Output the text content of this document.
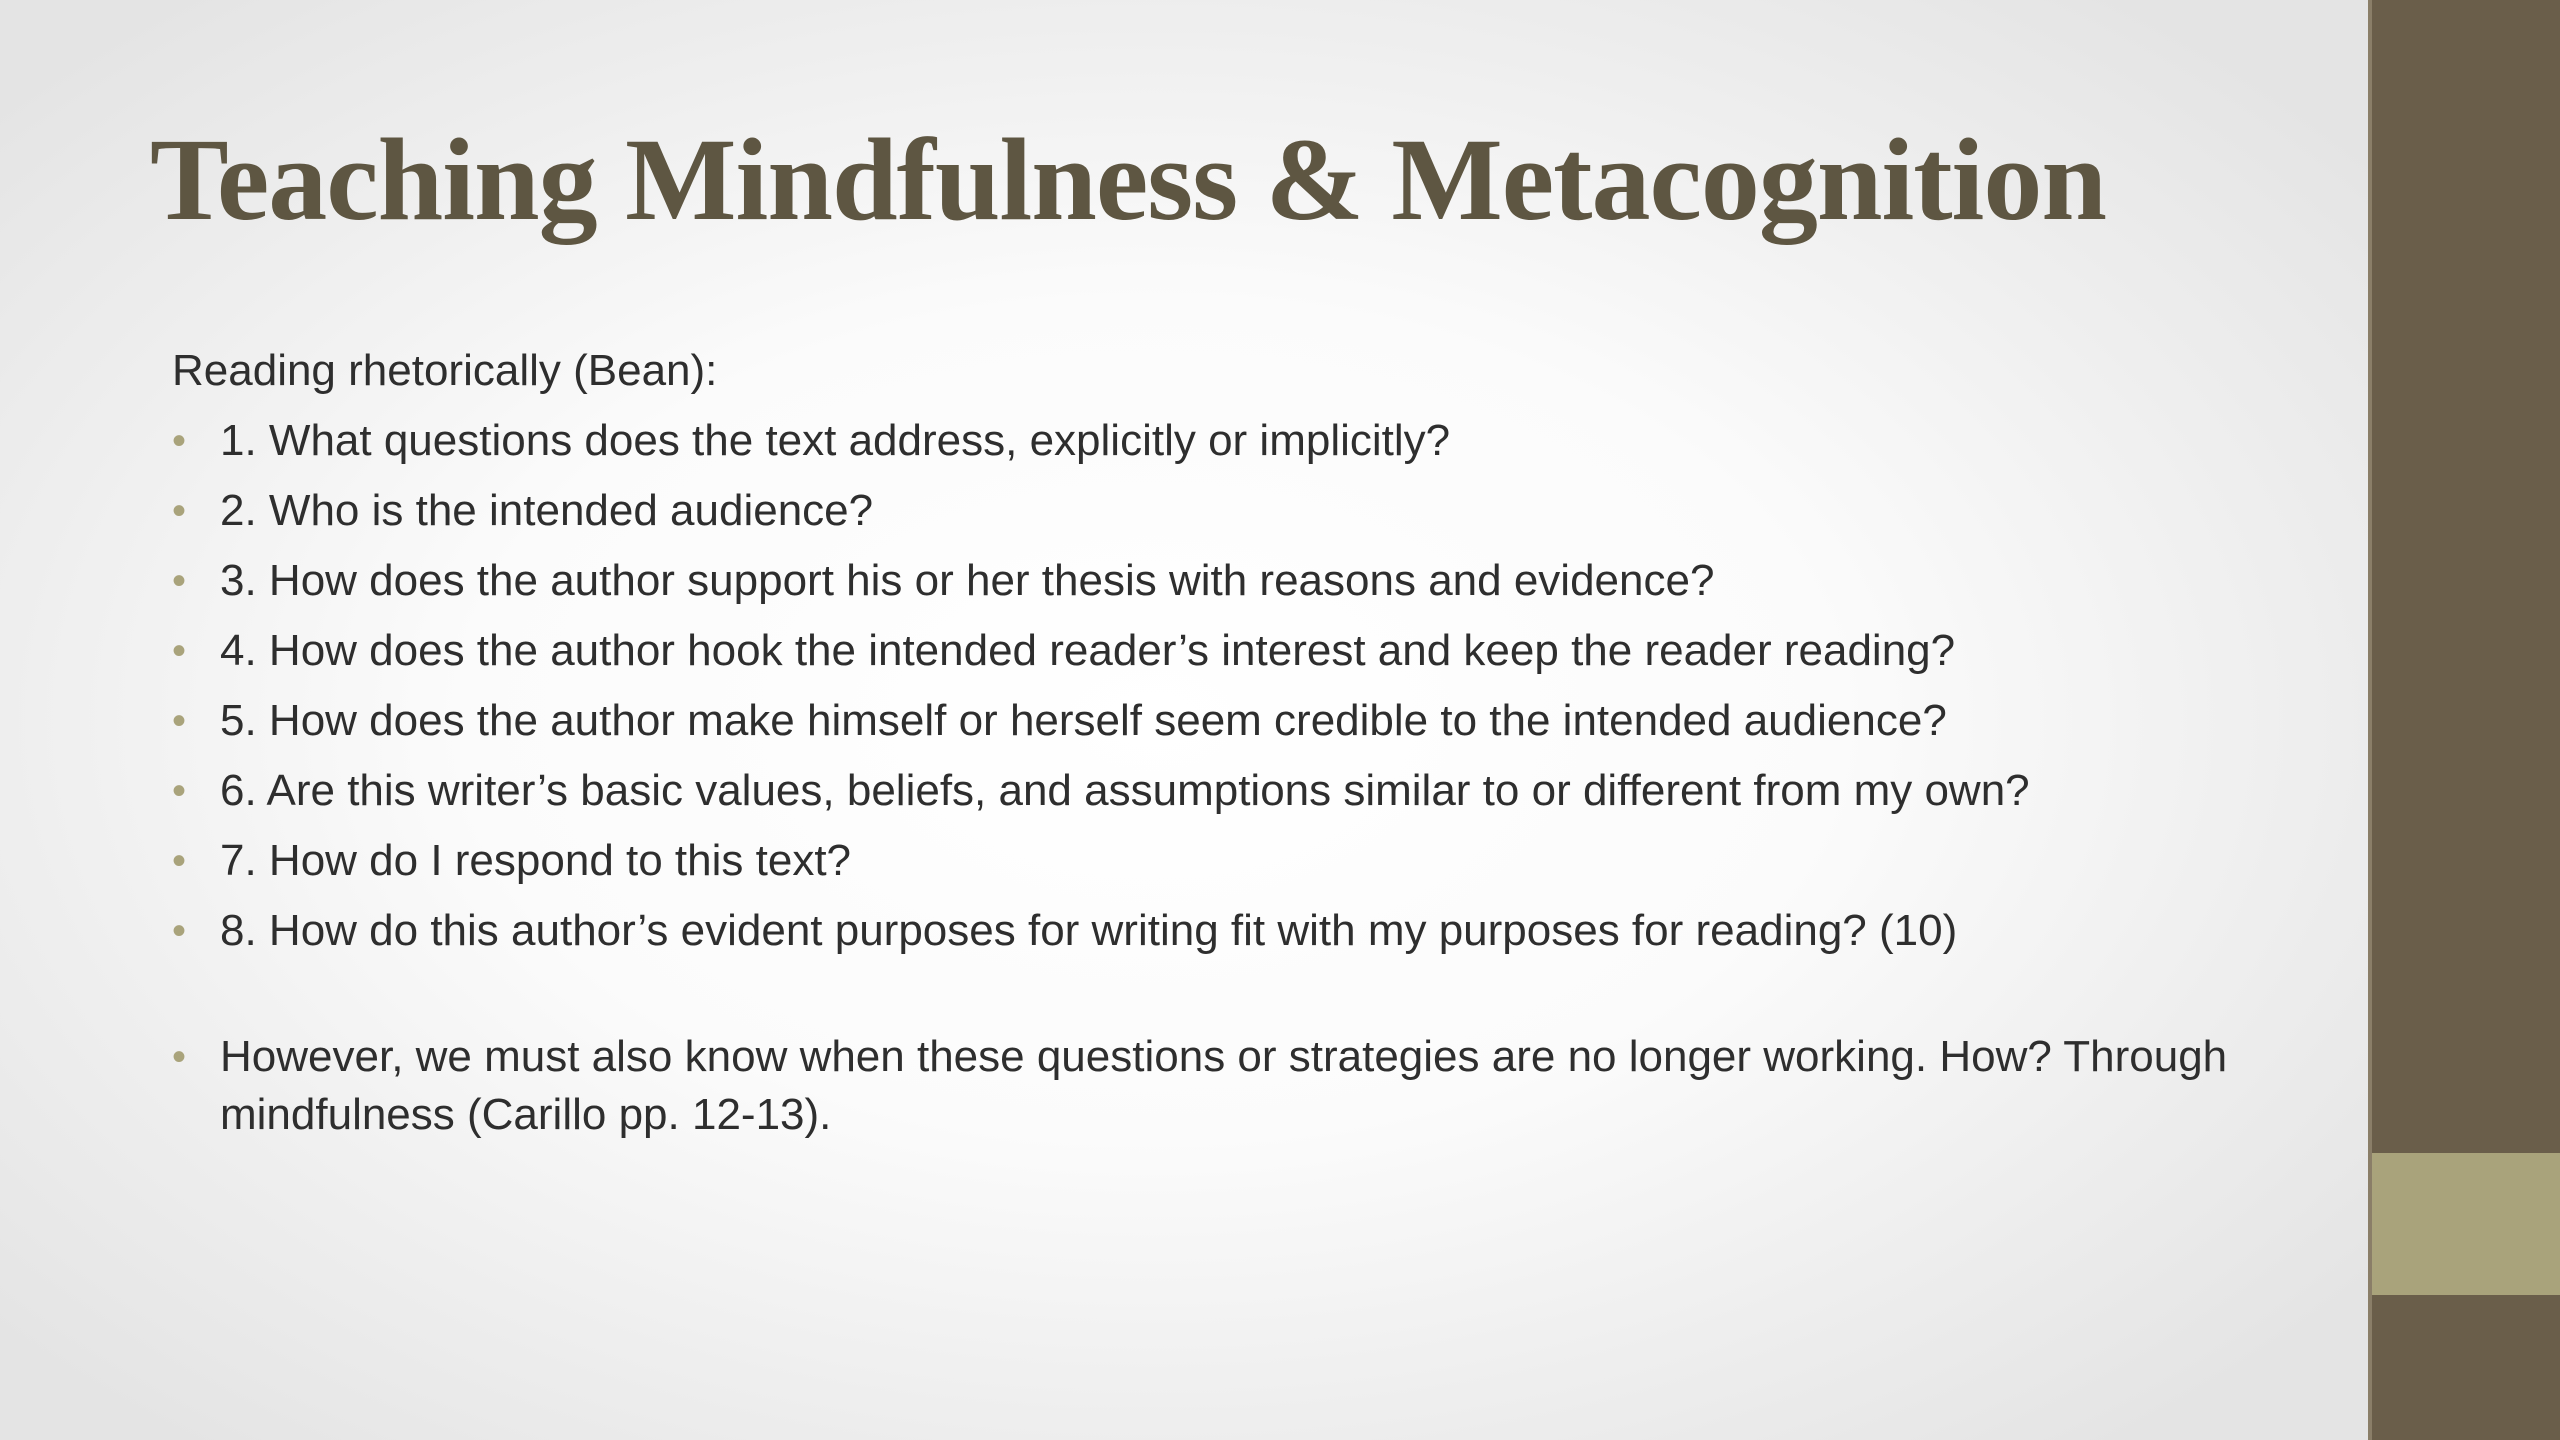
Teaching Mindfulness & Metacognition

Reading rhetorically (Bean):

• 1. What questions does the text address, explicitly or implicitly?
• 2. Who is the intended audience?
• 3. How does the author support his or her thesis with reasons and evidence?
• 4. How does the author hook the intended reader’s interest and keep the reader reading?
• 5. How does the author make himself or herself seem credible to the intended audience?
• 6. Are this writer’s basic values, beliefs, and assumptions similar to or different from my own?
• 7. How do I respond to this text?
• 8. How do this author’s evident purposes for writing fit with my purposes for reading? (10)
• However, we must also know when these questions or strategies are no longer working. How? Through mindfulness (Carillo pp. 12-13).
